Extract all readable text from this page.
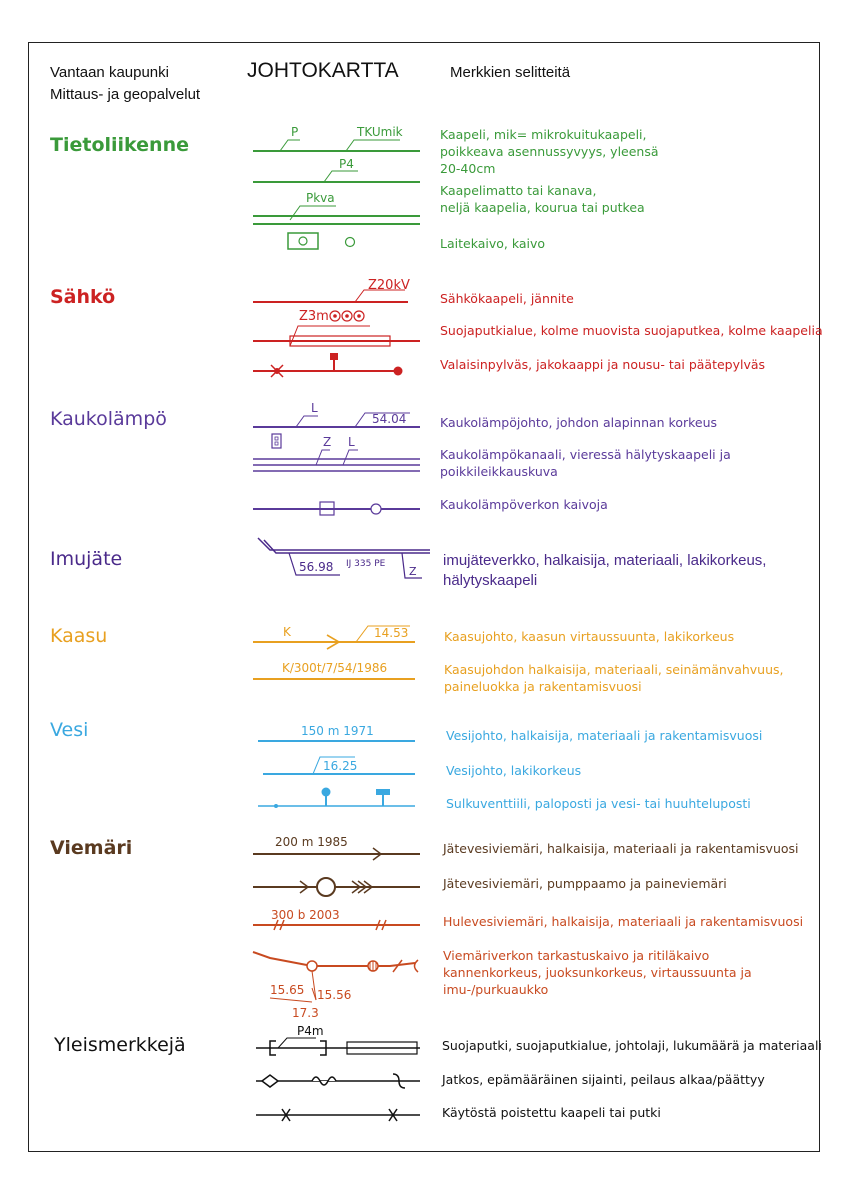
Vantaan kaupunki
Mittaus- ja geopalvelut
JOHTOKARTTA	Merkkien selitteitä
Tietoliikenne
Sähkö
Kaukolämpö
Imujäte
Kaasu
Vesi
Viemäri
Yleismerkkejä
P	TKUmik
P4
Pkva
Z20kV
Z3m
L
54.04
Z L
56.98 IJ 335 PE
Z
K	14.53
K/300t/7/54/1986
150 m 1971
16.25
200 m 1985
300 b 2003
15.65 15.56
17.3
P4m
Kaapeli, mik= mikrokuitukaapeli,
poikkeava asennussyvyys, yleensä
20-40cm
Kaapelimatto tai kanava,
neljä kaapelia, kourua tai putkea
Laitekaivo, kaivo
Sähkökaapeli, jännite
Suojaputkialue, kolme muovista suojaputkea, kolme kaapelia
Valaisinpylväs, jakokaappi ja nousu- tai päätepylväs
Kaukolämpöjohto, johdon alapinnan korkeus
Kaukolämpökanaali, vieressä hälytyskaapeli ja
poikkileikkauskuva
Kaukolämpöverkon kaivoja
imujäteverkko, halkaisija, materiaali, lakikorkeus,
hälytyskaapeli
Kaasujohto, kaasun virtaussuunta, lakikorkeus
Kaasujohdon halkaisija, materiaali, seinämänvahvuus,
paineluokka ja rakentamisvuosi
Vesijohto, halkaisija, materiaali ja rakentamisvuosi
Vesijohto, lakikorkeus
Sulkuventtiili, paloposti ja vesi- tai huuhteluposti
Jätevesiviemäri, halkaisija, materiaali ja rakentamisvuosi
Jätevesiviemäri, pumppaamo ja paineviemäri
Hulevesiviemäri, halkaisija, materiaali ja rakentamisvuosi
Viemäriverkon tarkastuskaivo ja ritiläkaivo
kannenkorkeus, juoksunkorkeus, virtaussuunta ja
imu-/purkuaukko
Suojaputki, suojaputkialue, johtolaji, lukumäärä ja materiaali
Jatkos, epämääräinen sijainti, peilaus alkaa/päättyy
Käytöstä poistettu kaapeli tai putki
